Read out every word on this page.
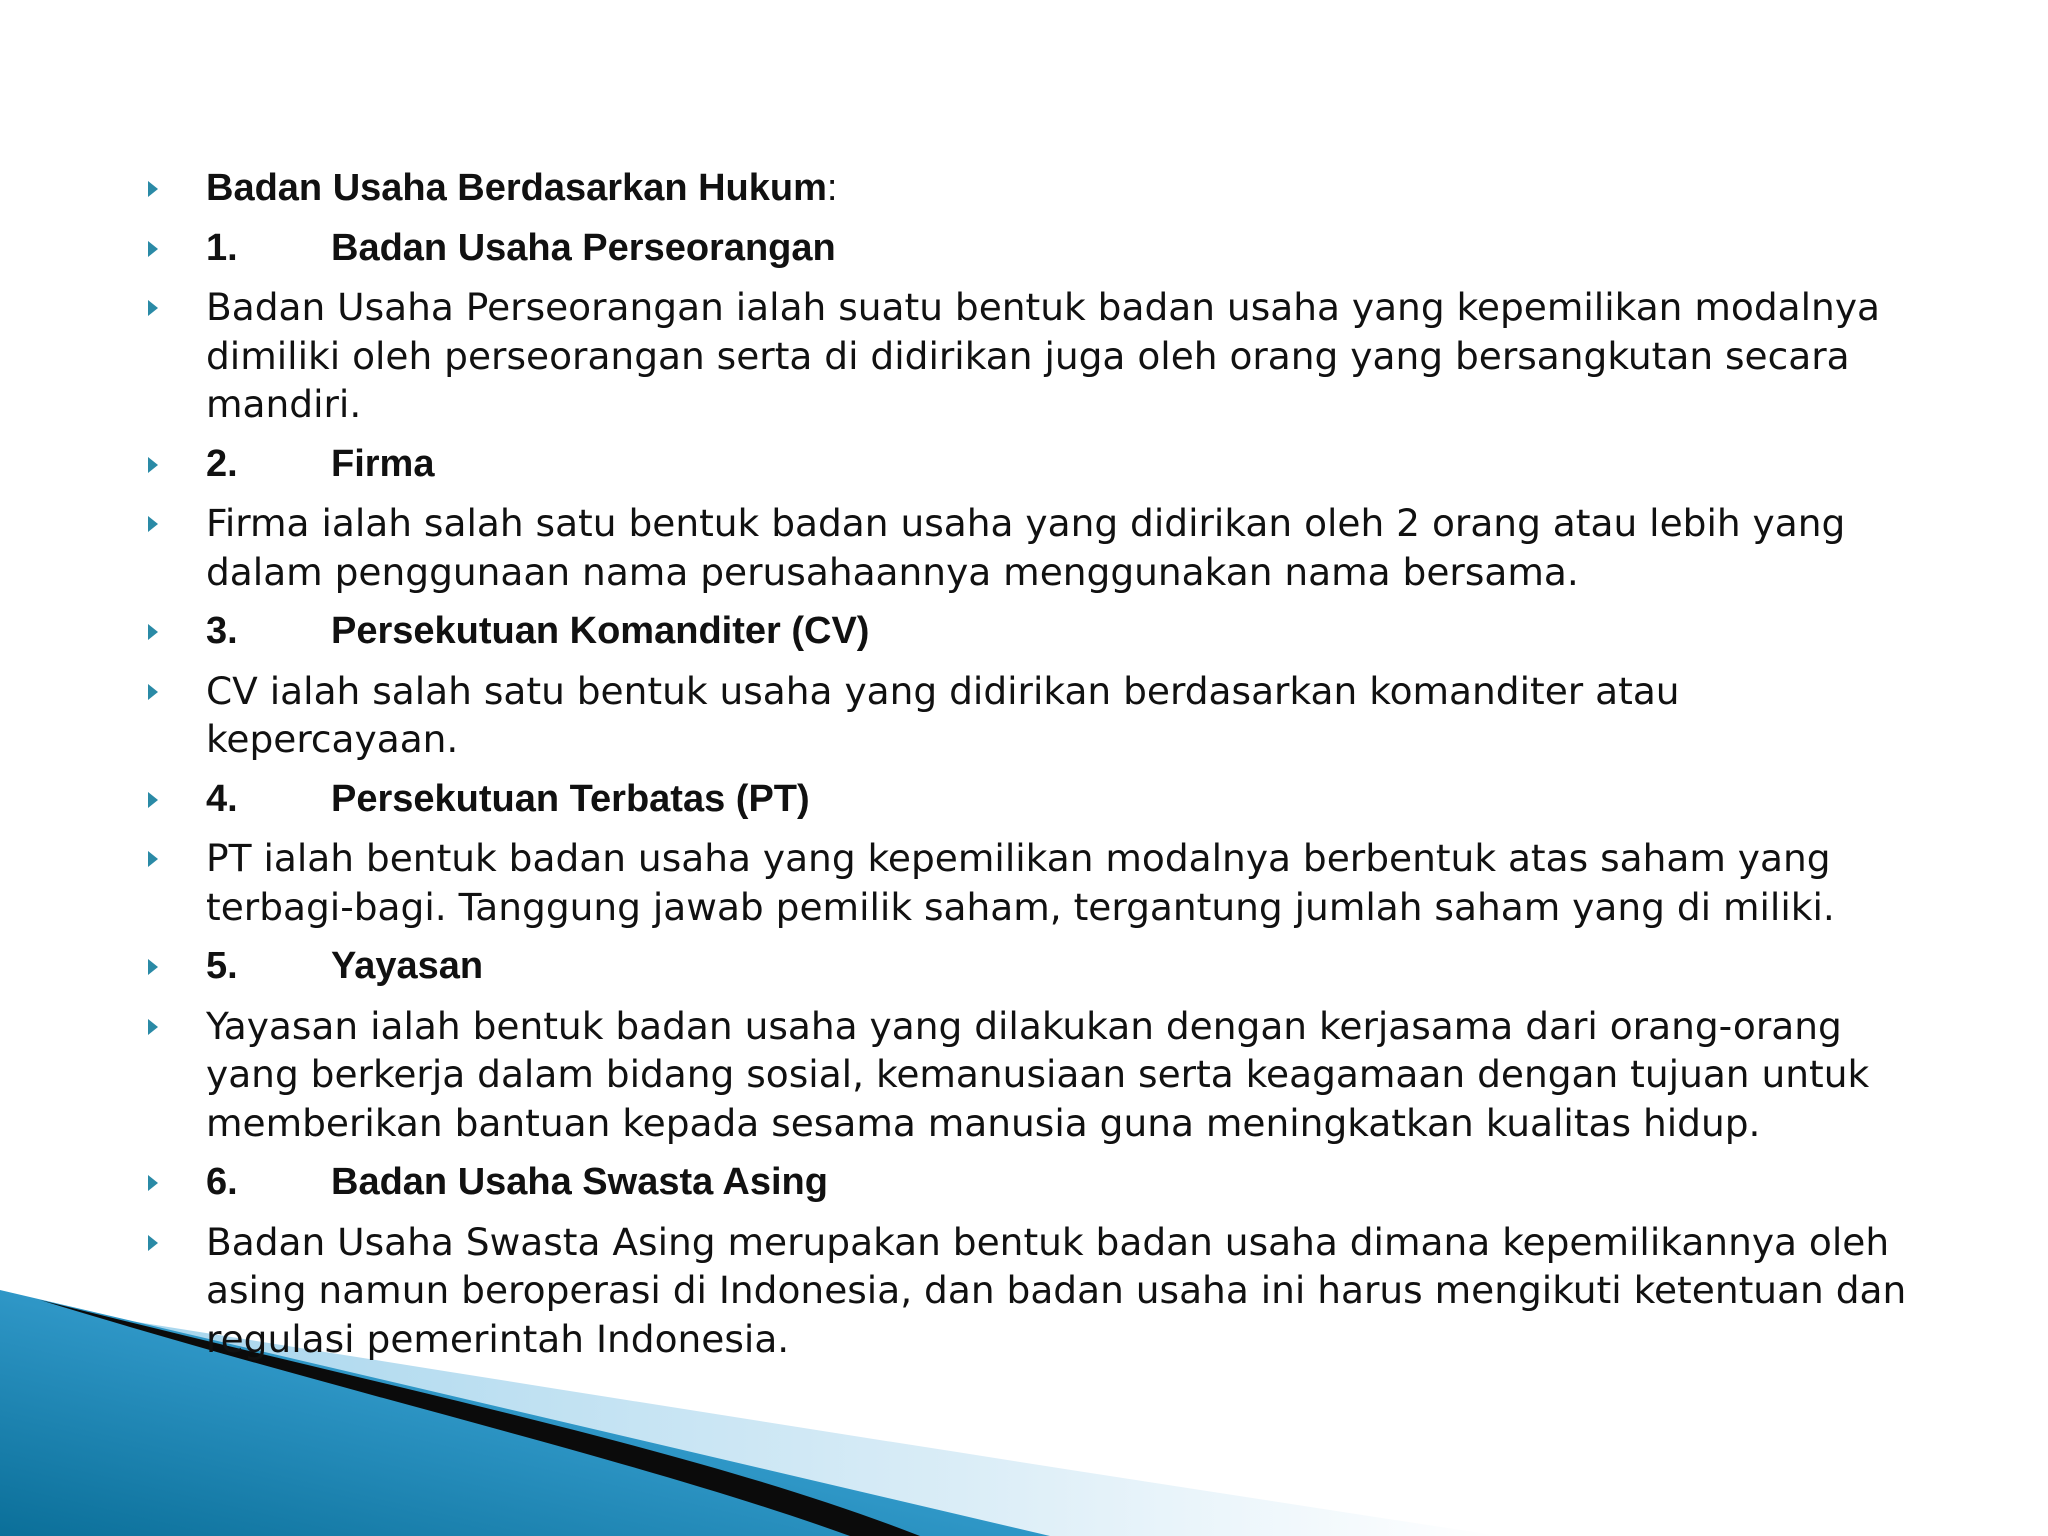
Badan Usaha Berdasarkan Hukum:
1. Badan Usaha Perseorangan
Badan Usaha Perseorangan ialah suatu bentuk badan usaha yang kepemilikan modalnya dimiliki oleh perseorangan serta di didirikan juga oleh orang yang bersangkutan secara mandiri.
2. Firma
Firma ialah salah satu bentuk badan usaha yang didirikan oleh 2 orang atau lebih yang dalam penggunaan nama perusahaannya menggunakan nama bersama.
3. Persekutuan Komanditer (CV)
CV ialah salah satu bentuk usaha yang didirikan berdasarkan komanditer atau kepercayaan.
4. Persekutuan Terbatas (PT)
PT ialah bentuk badan usaha yang kepemilikan modalnya berbentuk atas saham yang terbagi-bagi. Tanggung jawab pemilik saham, tergantung jumlah saham yang di miliki.
5. Yayasan
Yayasan ialah bentuk badan usaha yang dilakukan dengan kerjasama dari orang-orang yang berkerja dalam bidang sosial, kemanusiaan serta keagamaan dengan tujuan untuk memberikan bantuan kepada sesama manusia guna meningkatkan kualitas hidup.
6. Badan Usaha Swasta Asing
Badan Usaha Swasta Asing merupakan bentuk badan usaha dimana kepemilikannya oleh asing namun beroperasi di Indonesia, dan badan usaha ini harus mengikuti ketentuan dan regulasi pemerintah Indonesia.
